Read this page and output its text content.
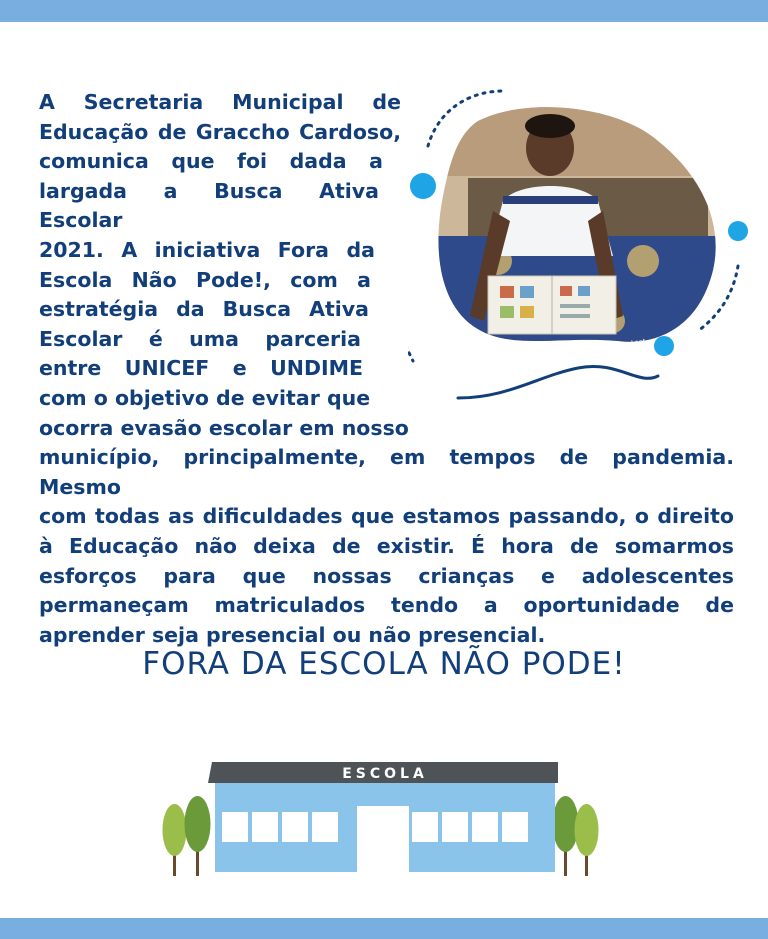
A Secretaria Municipal de
Educação de Graccho Cardoso,
comunica que foi dada a
largada a Busca Ativa Escolar
2021. A iniciativa Fora da
Escola Não Pode!, com a
estratégia da Busca Ativa
Escolar é uma parceria
entre UNICEF e UNDIME
com o objetivo de evitar que
ocorra evasão escolar em nosso
município, principalmente, em tempos de pandemia. Mesmo
com todas as dificuldades que estamos passando, o direito
à Educação não deixa de existir. É hora de somarmos
esforços para que nossas crianças e adolescentes
permaneçam matriculados tendo a oportunidade de
aprender seja presencial ou não presencial.
©UNICEF/BRZ/Joao Laet
FORA DA ESCOLA NÃO PODE!
ESCOLA
